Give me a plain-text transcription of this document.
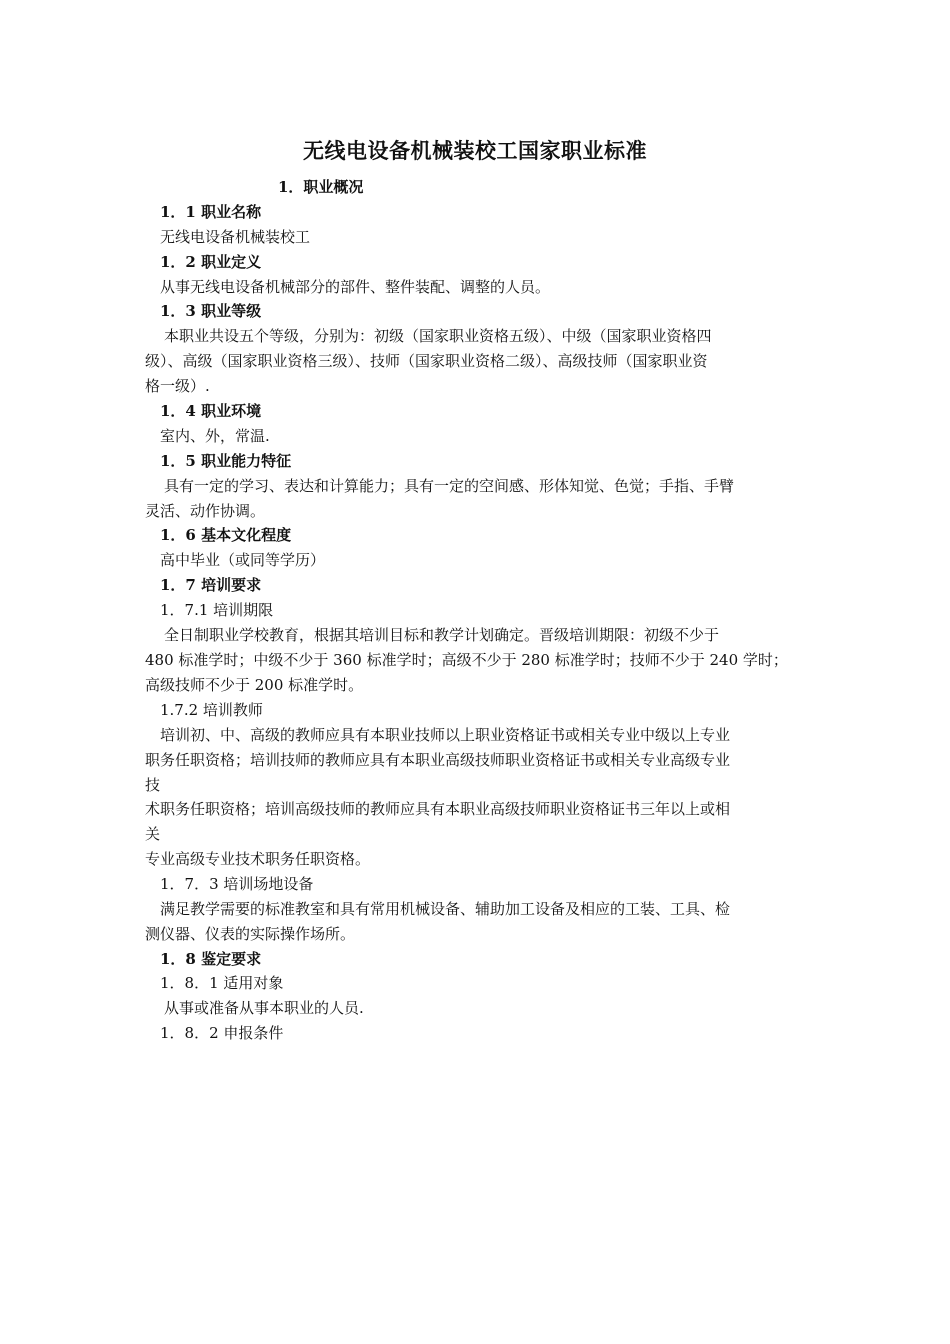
无线电设备机械装校工国家职业标准
1．职业概况
1．1 职业名称
无线电设备机械装校工
1．2 职业定义
从事无线电设备机械部分的部件、整件装配、调整的人员。
1．3 职业等级
本职业共设五个等级，分别为：初级（国家职业资格五级）、中级（国家职业资格四
级）、高级（国家职业资格三级）、技师（国家职业资格二级）、高级技师（国家职业资
格一级）.
1．4 职业环境
室内、外，常温.
1．5 职业能力特征
具有一定的学习、表达和计算能力；具有一定的空间感、形体知觉、色觉；手指、手臂
灵活、动作协调。
1．6 基本文化程度
高中毕业（或同等学历）
1．7 培训要求
1．7.1 培训期限
全日制职业学校教育，根据其培训目标和教学计划确定。晋级培训期限：初级不少于
480 标准学时；中级不少于 360 标准学时；高级不少于 280 标准学时；技师不少于 240 学时；
高级技师不少于 200 标准学时。
1.7.2 培训教师
培训初、中、高级的教师应具有本职业技师以上职业资格证书或相关专业中级以上专业
职务任职资格；培训技师的教师应具有本职业高级技师职业资格证书或相关专业高级专业
技
术职务任职资格；培训高级技师的教师应具有本职业高级技师职业资格证书三年以上或相
关
专业高级专业技术职务任职资格。
1．7．3 培训场地设备
满足教学需要的标准教室和具有常用机械设备、辅助加工设备及相应的工装、工具、检
测仪器、仪表的实际操作场所。
1．8 鉴定要求
1．8．1 适用对象
从事或准备从事本职业的人员.
1．8．2 申报条件
